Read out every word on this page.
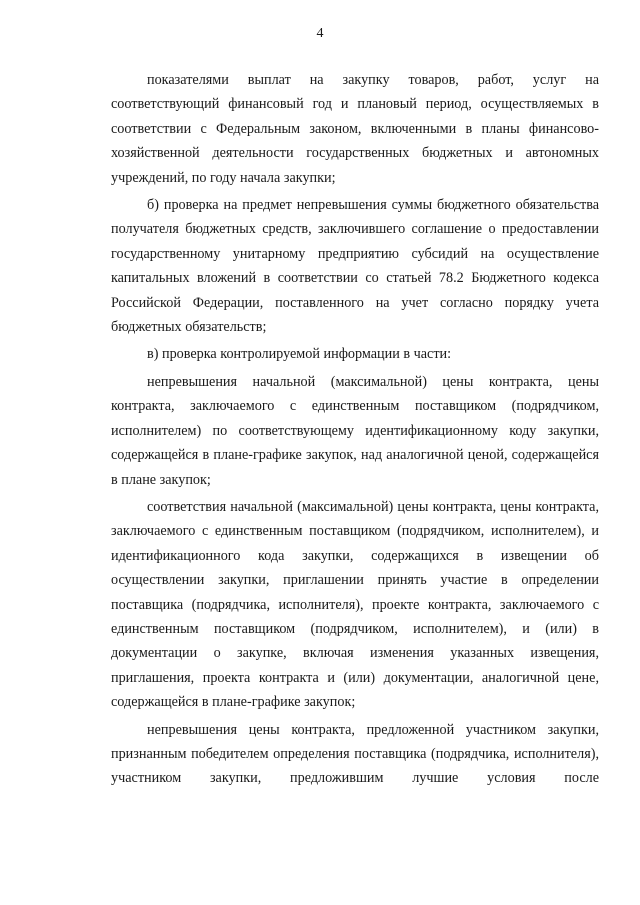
4

показателями выплат на закупку товаров, работ, услуг на соответствующий финансовый год и плановый период, осуществляемых в соответствии с Федеральным законом, включенными в планы финансово-хозяйственной деятельности государственных бюджетных и автономных учреждений, по году начала закупки;

б) проверка на предмет непревышения суммы бюджетного обязательства получателя бюджетных средств, заключившего соглашение о предоставлении государственному унитарному предприятию субсидий на осуществление капитальных вложений в соответствии со статьей 78.2 Бюджетного кодекса Российской Федерации, поставленного на учет согласно порядку учета бюджетных обязательств;

в) проверка контролируемой информации в части:

непревышения начальной (максимальной) цены контракта, цены контракта, заключаемого с единственным поставщиком (подрядчиком, исполнителем) по соответствующему идентификационному коду закупки, содержащейся в плане-графике закупок, над аналогичной ценой, содержащейся в плане закупок;

соответствия начальной (максимальной) цены контракта, цены контракта, заключаемого с единственным поставщиком (подрядчиком, исполнителем), и идентификационного кода закупки, содержащихся в извещении об осуществлении закупки, приглашении принять участие в определении поставщика (подрядчика, исполнителя), проекте контракта, заключаемого с единственным поставщиком (подрядчиком, исполнителем), и (или) в документации о закупке, включая изменения указанных извещения, приглашения, проекта контракта и (или) документации, аналогичной цене, содержащейся в плане-графике закупок;

непревышения цены контракта, предложенной участником закупки, признанным победителем определения поставщика (подрядчика, исполнителя), участником закупки, предложившим лучшие условия после
